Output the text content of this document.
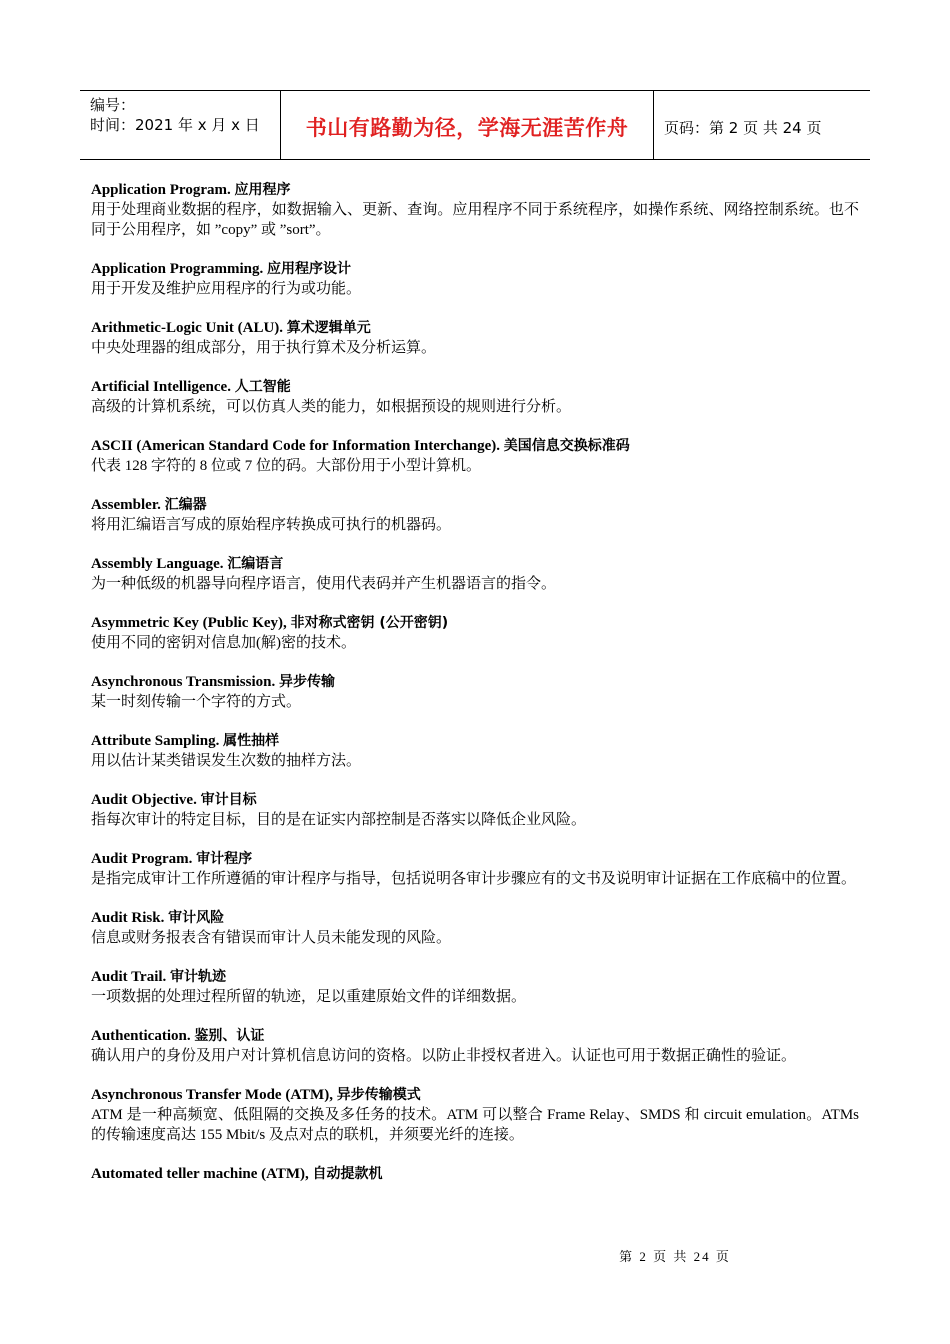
编号：
时间：2021 年 x 月 x 日	书山有路勤为径，学海无涯苦作舟	页码：第 2 页 共 24 页
Application Program. 应用程序
用于处理商业数据的程序，如数据输入、更新、查询。应用程序不同于系统程序，如操作系统、网络控制系统。也不同于公用程序，如 ”copy” 或 ”sort”。
Application Programming. 应用程序设计
用于开发及维护应用程序的行为或功能。
Arithmetic-Logic Unit (ALU). 算术逻辑单元
中央处理器的组成部分，用于执行算术及分析运算。
Artificial Intelligence. 人工智能
高级的计算机系统，可以仿真人类的能力，如根据预设的规则进行分析。
ASCII (American Standard Code for Information Interchange). 美国信息交换标准码
代表 128 字符的 8 位或 7 位的码。大部份用于小型计算机。
Assembler. 汇编器
将用汇编语言写成的原始程序转换成可执行的机器码。
Assembly Language. 汇编语言
为一种低级的机器导向程序语言，使用代表码并产生机器语言的指令。
Asymmetric Key (Public Key), 非对称式密钥 (公开密钥)
使用不同的密钥对信息加(解)密的技术。
Asynchronous Transmission. 异步传输
某一时刻传输一个字符的方式。
Attribute Sampling. 属性抽样
用以估计某类错误发生次数的抽样方法。
Audit Objective. 审计目标
指每次审计的特定目标，目的是在证实内部控制是否落实以降低企业风险。
Audit Program. 审计程序
是指完成审计工作所遵循的审计程序与指导，包括说明各审计步骤应有的文书及说明审计证据在工作底稿中的位置。
Audit Risk. 审计风险
信息或财务报表含有错误而审计人员未能发现的风险。
Audit Trail. 审计轨迹
一项数据的处理过程所留的轨迹，足以重建原始文件的详细数据。
Authentication. 鉴别、认证
确认用户的身份及用户对计算机信息访问的资格。以防止非授权者进入。认证也可用于数据正确性的验证。
Asynchronous Transfer Mode (ATM), 异步传输模式
ATM 是一种高频宽、低阻隔的交换及多任务的技术。ATM 可以整合 Frame Relay、SMDS 和 circuit emulation。ATMs 的传输速度高达 155 Mbit/s 及点对点的联机，并须要光纤的连接。
Automated teller machine (ATM), 自动提款机
第 2 页 共 24 页
